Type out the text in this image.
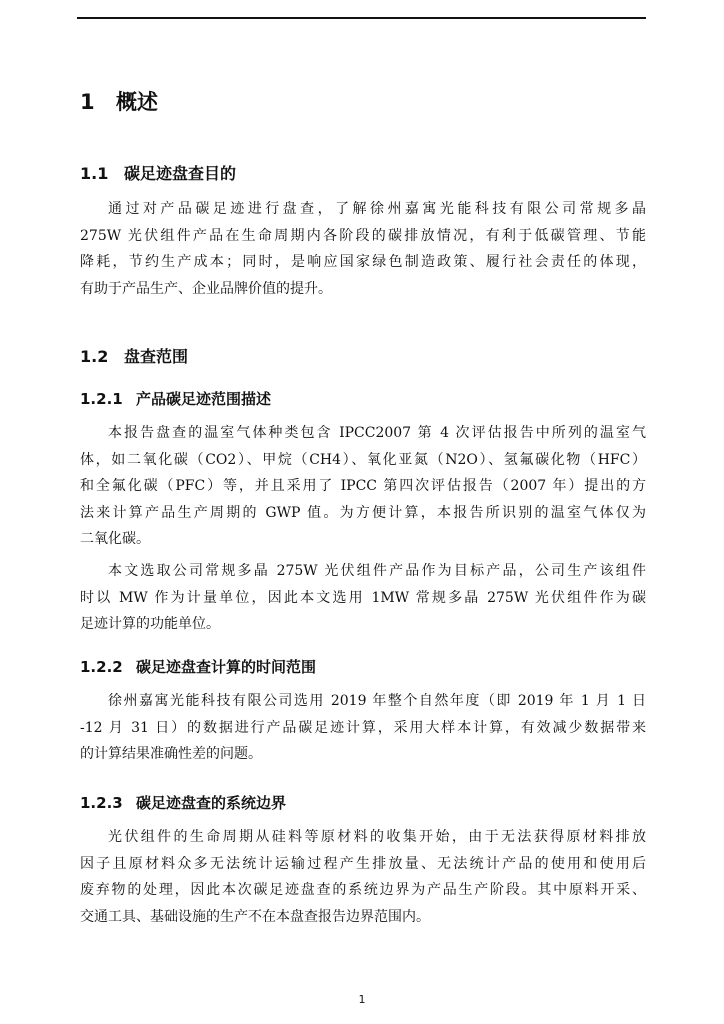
1 概述
1.1 碳足迹盘查目的
通过对产品碳足迹进行盘查，了解徐州嘉寓光能科技有限公司常规多晶
275W 光伏组件产品在生命周期内各阶段的碳排放情况，有利于低碳管理、节能
降耗，节约生产成本；同时，是响应国家绿色制造政策、履行社会责任的体现，
有助于产品生产、企业品牌价值的提升。
1.2 盘查范围
1.2.1 产品碳足迹范围描述
本报告盘查的温室气体种类包含 IPCC2007 第 4 次评估报告中所列的温室气
体，如二氧化碳（CO2）、甲烷（CH4）、氧化亚氮（N2O）、氢氟碳化物（HFC）
和全氟化碳（PFC）等，并且采用了 IPCC 第四次评估报告（2007 年）提出的方
法来计算产品生产周期的 GWP 值。为方便计算，本报告所识别的温室气体仅为
二氧化碳。
本文选取公司常规多晶 275W 光伏组件产品作为目标产品，公司生产该组件
时以 MW 作为计量单位，因此本文选用 1MW 常规多晶 275W 光伏组件作为碳
足迹计算的功能单位。
1.2.2 碳足迹盘查计算的时间范围
徐州嘉寓光能科技有限公司选用 2019 年整个自然年度（即 2019 年 1 月 1 日
-12 月 31 日）的数据进行产品碳足迹计算，采用大样本计算，有效减少数据带来
的计算结果准确性差的问题。
1.2.3 碳足迹盘查的系统边界
光伏组件的生命周期从硅料等原材料的收集开始，由于无法获得原材料排放
因子且原材料众多无法统计运输过程产生排放量、无法统计产品的使用和使用后
废弃物的处理，因此本次碳足迹盘查的系统边界为产品生产阶段。其中原料开采、
交通工具、基础设施的生产不在本盘查报告边界范围内。
1
